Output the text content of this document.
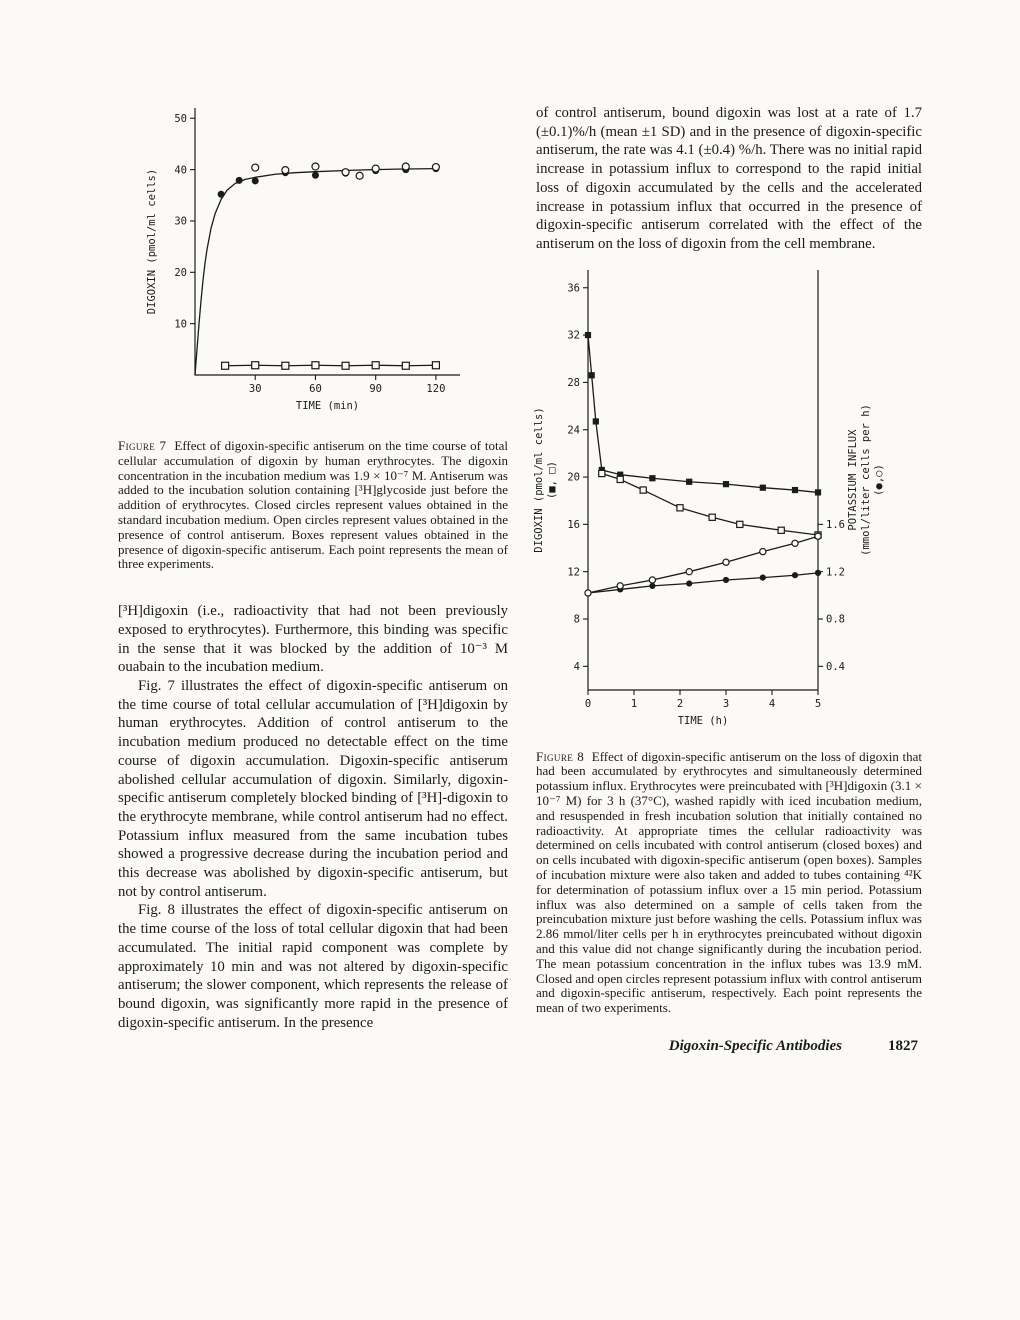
30	60	90	120
10
20
30
40
50
TIME (min)
DIGOXIN (pmol/ml cells)

Figure 7 Effect of digoxin-specific antiserum on the time course of total cellular accumulation of digoxin by human erythrocytes. The digoxin concentration in the incubation medium was 1.9 × 10⁻⁷ M. Antiserum was added to the incubation solution containing [³H]glycoside just before the addition of erythrocytes. Closed circles represent values obtained in the standard incubation medium. Open circles represent values obtained in the presence of control antiserum. Boxes represent values obtained in the presence of digoxin-specific antiserum. Each point represents the mean of three experiments.

[³H]digoxin (i.e., radioactivity that had not been previously exposed to erythrocytes). Furthermore, this binding was specific in the sense that it was blocked by the addition of 10⁻³ M ouabain to the incubation medium.

Fig. 7 illustrates the effect of digoxin-specific antiserum on the time course of total cellular accumulation of [³H]digoxin by human erythrocytes. Addition of control antiserum to the incubation medium produced no detectable effect on the time course of digoxin accumulation. Digoxin-specific antiserum abolished cellular accumulation of digoxin. Similarly, digoxin-specific antiserum completely blocked binding of [³H]-digoxin to the erythrocyte membrane, while control antiserum had no effect. Potassium influx measured from the same incubation tubes showed a progressive decrease during the incubation period and this decrease was abolished by digoxin-specific antiserum, but not by control antiserum.

Fig. 8 illustrates the effect of digoxin-specific antiserum on the time course of the loss of total cellular digoxin that had been accumulated. The initial rapid component was complete by approximately 10 min and was not altered by digoxin-specific antiserum; the slower component, which represents the release of bound digoxin, was significantly more rapid in the presence of digoxin-specific antiserum. In the presence

of control antiserum, bound digoxin was lost at a rate of 1.7 (±0.1)%/h (mean ±1 SD) and in the presence of digoxin-specific antiserum, the rate was 4.1 (±0.4) %/h. There was no initial rapid increase in potassium influx to correspond to the rapid initial loss of digoxin accumulated by the cells and the accelerated increase in potassium influx that occurred in the presence of digoxin-specific antiserum correlated with the effect of the antiserum on the loss of digoxin from the cell membrane.

0	1	2	3	4	5
4
8
12
16
20
24
28
32
36
0.4
0.8
1.2
1.6
TIME (h)
DIGOXIN (pmol/ml cells) (■, □)	POTASSIUM INFLUX (mmol/liter cells per h) (●,○)

Figure 8 Effect of digoxin-specific antiserum on the loss of digoxin that had been accumulated by erythrocytes and simultaneously determined potassium influx. Erythrocytes were preincubated with [³H]digoxin (3.1 × 10⁻⁷ M) for 3 h (37°C), washed rapidly with iced incubation medium, and resuspended in fresh incubation solution that initially contained no radioactivity. At appropriate times the cellular radioactivity was determined on cells incubated with control antiserum (closed boxes) and on cells incubated with digoxin-specific antiserum (open boxes). Samples of incubation mixture were also taken and added to tubes containing ⁴²K for determination of potassium influx over a 15 min period. Potassium influx was also determined on a sample of cells taken from the preincubation mixture just before washing the cells. Potassium influx was 2.86 mmol/liter cells per h in erythrocytes preincubated without digoxin and this value did not change significantly during the incubation period. The mean potassium concentration in the influx tubes was 13.9 mM. Closed and open circles represent potassium influx with control antiserum and digoxin-specific antiserum, respectively. Each point represents the mean of two experiments.

Digoxin-Specific Antibodies	1827
